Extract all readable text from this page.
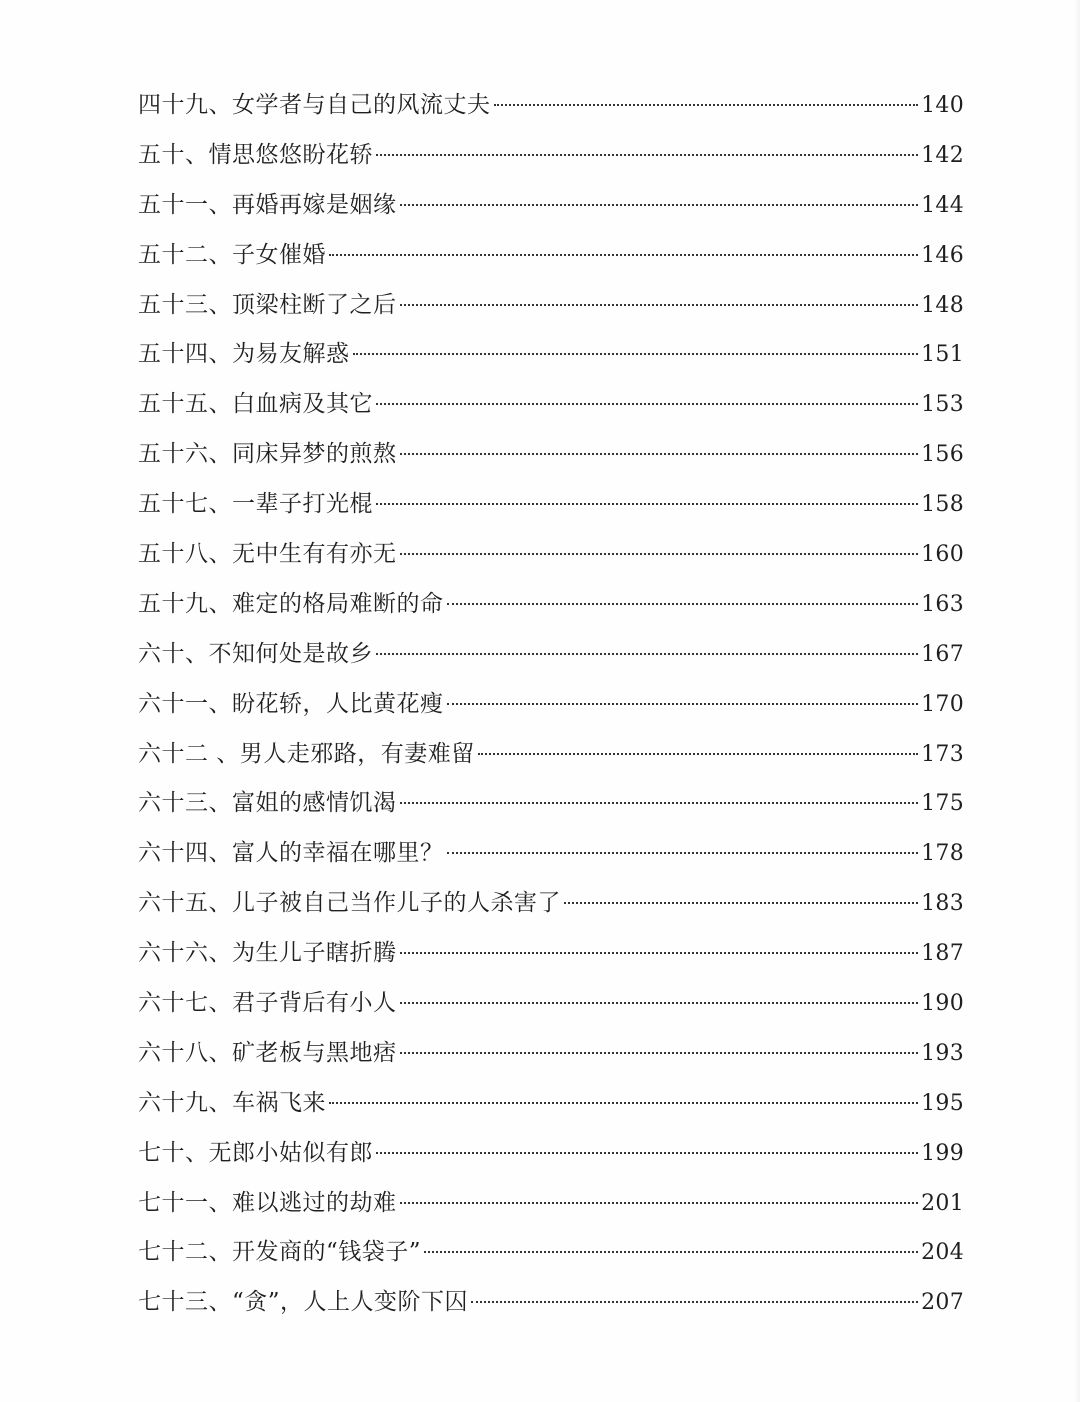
四十九、女学者与自己的风流丈夫	140
五十、情思悠悠盼花轿	142
五十一、再婚再嫁是姻缘	144
五十二、子女催婚	146
五十三、顶梁柱断了之后	148
五十四、为易友解惑	151
五十五、白血病及其它	153
五十六、同床异梦的煎熬	156
五十七、一辈子打光棍	158
五十八、无中生有有亦无	160
五十九、难定的格局难断的命	163
六十、不知何处是故乡	167
六十一、盼花轿，人比黄花瘦	170
六十二 、男人走邪路，有妻难留	173
六十三、富姐的感情饥渴	175
六十四、富人的幸福在哪里？	178
六十五、儿子被自己当作儿子的人杀害了	183
六十六、为生儿子瞎折腾	187
六十七、君子背后有小人	190
六十八、矿老板与黑地痞	193
六十九、车祸飞来	195
七十、无郎小姑似有郎	199
七十一、难以逃过的劫难	201
七十二、开发商的“钱袋子”	204
七十三、“贪”，人上人变阶下囚	207
